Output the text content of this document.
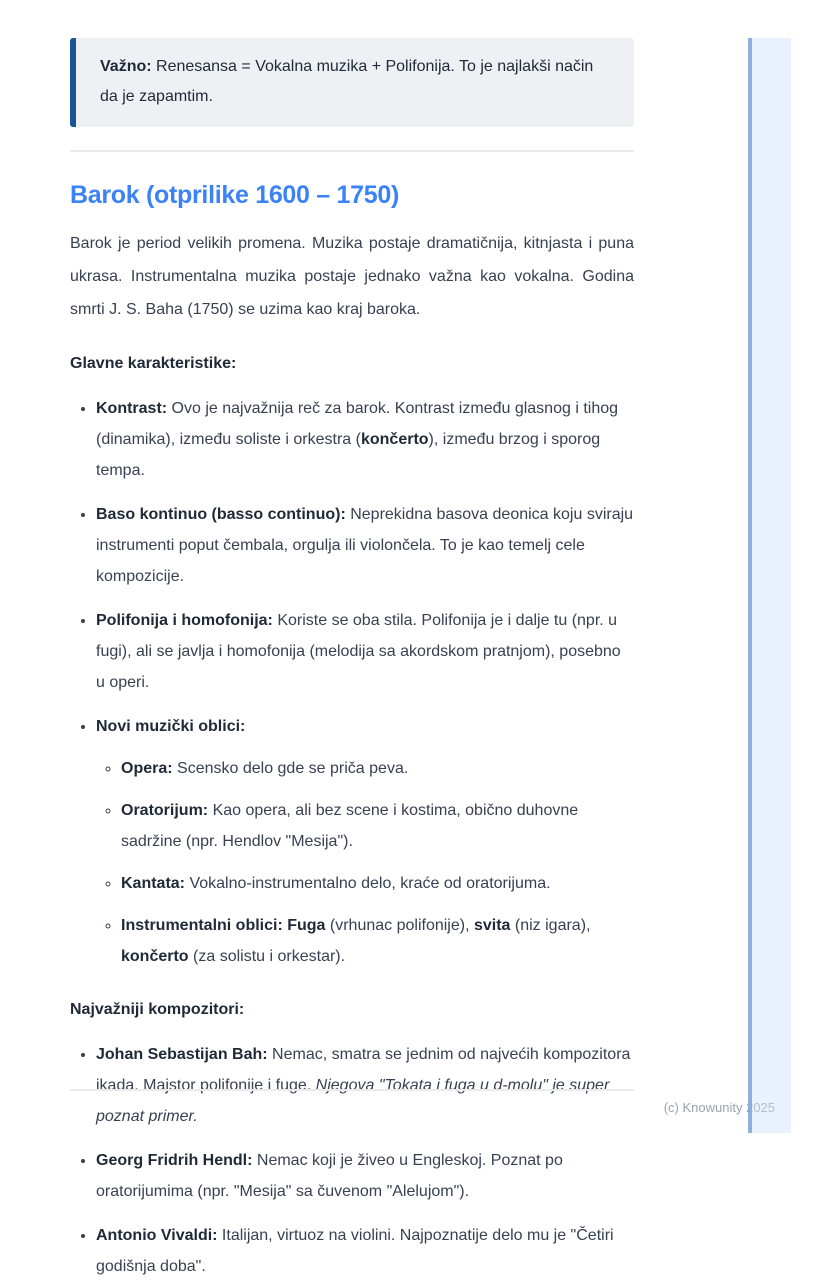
Važno: Renesansa = Vokalna muzika + Polifonija. To je najlakši način da je zapamtim.

Barok (otprilike 1600 – 1750)

Barok je period velikih promena. Muzika postaje dramatičnija, kitnjasta i puna ukrasa. Instrumentalna muzika postaje jednako važna kao vokalna. Godina smrti J. S. Baha (1750) se uzima kao kraj baroka.

Glavne karakteristike:

• Kontrast: Ovo je najvažnija reč za barok. Kontrast između glasnog i tihog (dinamika), između soliste i orkestra (končerto), između brzog i sporog tempa.
• Baso kontinuo (basso continuo): Neprekidna basova deonica koju sviraju instrumenti poput čembala, orgulja ili violončela. To je kao temelj cele kompozicije.
• Polifonija i homofonija: Koriste se oba stila. Polifonija je i dalje tu (npr. u fugi), ali se javlja i homofonija (melodija sa akordskom pratnjom), posebno u operi.
• Novi muzički oblici:
◦ Opera: Scensko delo gde se priča peva.
◦ Oratorijum: Kao opera, ali bez scene i kostima, obično duhovne sadržine (npr. Hendlov "Mesija").
◦ Kantata: Vokalno-instrumentalno delo, kraće od oratorijuma.
◦ Instrumentalni oblici: Fuga (vrhunac polifonije), svita (niz igara), končerto (za solistu i orkestar).

Najvažniji kompozitori:

• Johan Sebastijan Bah: Nemac, smatra se jednim od najvećih kompozitora ikada. Majstor polifonije i fuge. Njegova "Tokata i fuga u d-molu" je super poznat primer.
• Georg Fridrih Hendl: Nemac koji je živeo u Engleskoj. Poznat po oratorijumima (npr. "Mesija" sa čuvenom "Alelujom").
• Antonio Vivaldi: Italijan, virtuoz na violini. Najpoznatije delo mu je "Četiri godišnja doba".
(c) Knowunity 2025
